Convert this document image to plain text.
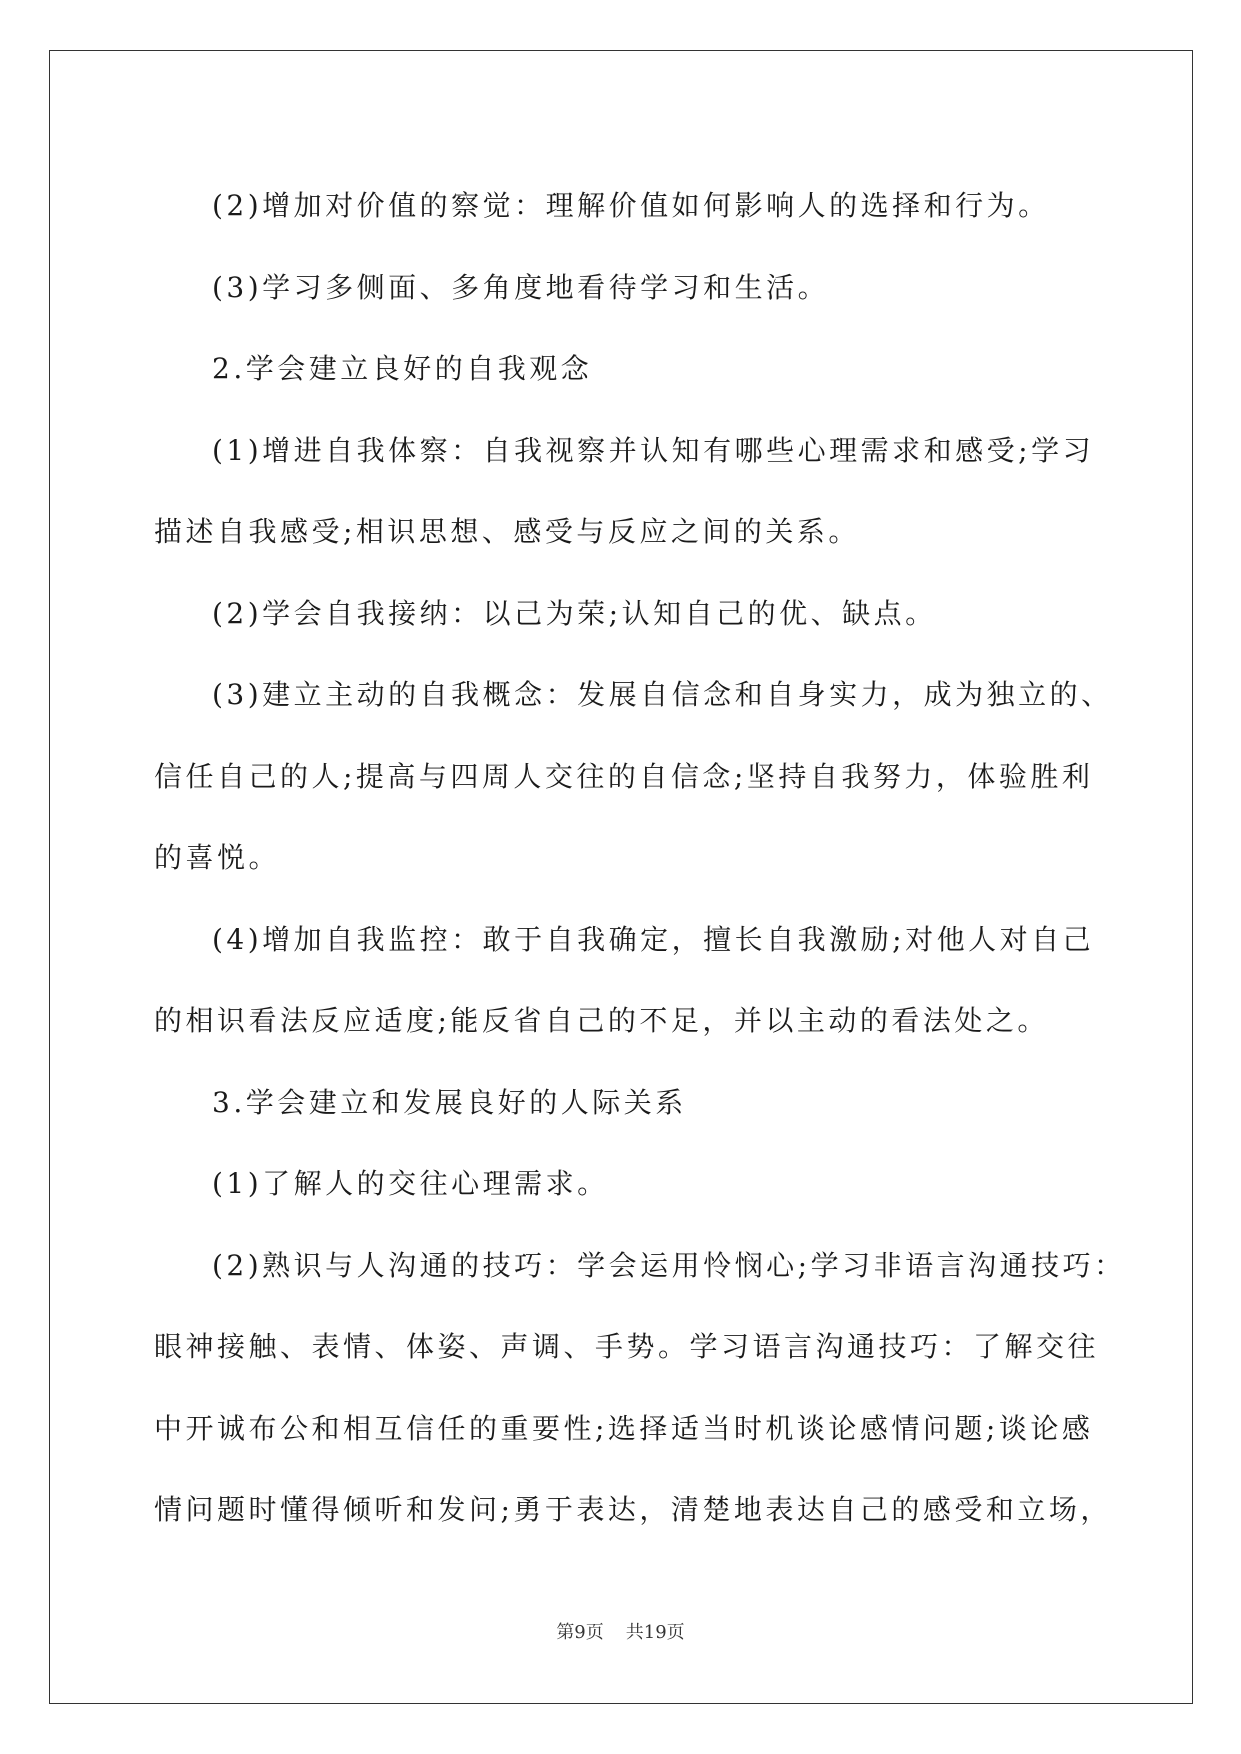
(2)增加对价值的察觉：理解价值如何影响人的选择和行为。

(3)学习多侧面、多角度地看待学习和生活。

2.学会建立良好的自我观念

(1)增进自我体察：自我视察并认知有哪些心理需求和感受;学习

描述自我感受;相识思想、感受与反应之间的关系。

(2)学会自我接纳：以己为荣;认知自己的优、缺点。

(3)建立主动的自我概念：发展自信念和自身实力，成为独立的、

信任自己的人;提高与四周人交往的自信念;坚持自我努力，体验胜利

的喜悦。

(4)增加自我监控：敢于自我确定，擅长自我激励;对他人对自己

的相识看法反应适度;能反省自己的不足，并以主动的看法处之。

3.学会建立和发展良好的人际关系

(1)了解人的交往心理需求。

(2)熟识与人沟通的技巧：学会运用怜悯心;学习非语言沟通技巧：

眼神接触、表情、体姿、声调、手势。学习语言沟通技巧：了解交往

中开诚布公和相互信任的重要性;选择适当时机谈论感情问题;谈论感

情问题时懂得倾听和发问;勇于表达，清楚地表达自己的感受和立场，

第9页 共19页
